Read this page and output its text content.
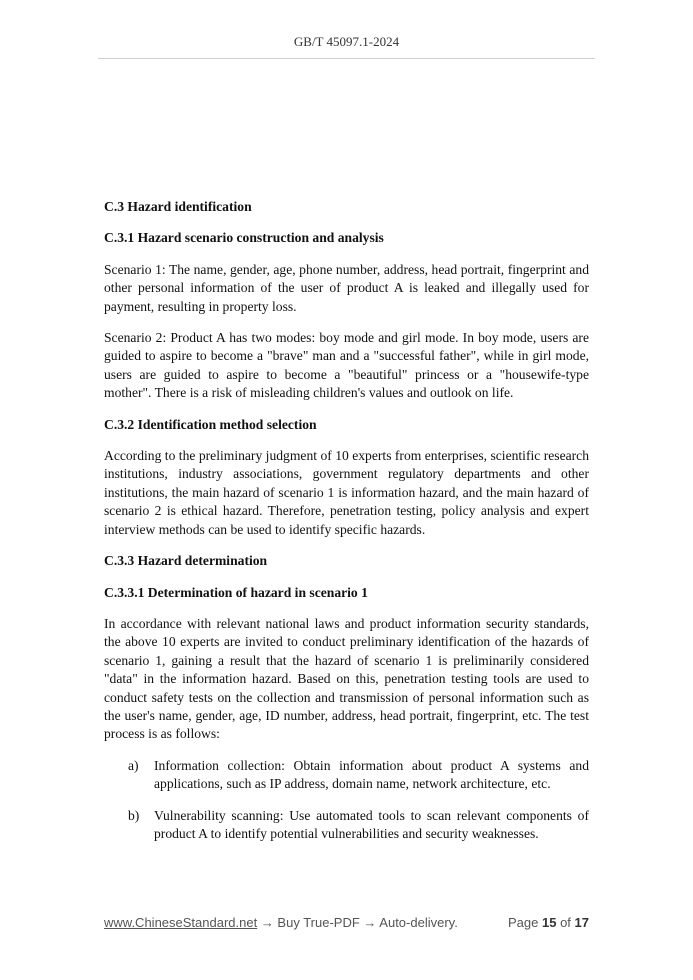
GB/T 45097.1-2024

C.3 Hazard identification

C.3.1 Hazard scenario construction and analysis

Scenario 1: The name, gender, age, phone number, address, head portrait, fingerprint and other personal information of the user of product A is leaked and illegally used for payment, resulting in property loss.

Scenario 2: Product A has two modes: boy mode and girl mode. In boy mode, users are guided to aspire to become a "brave" man and a "successful father", while in girl mode, users are guided to aspire to become a "beautiful" princess or a "housewife-type mother". There is a risk of misleading children's values and outlook on life.

C.3.2 Identification method selection

According to the preliminary judgment of 10 experts from enterprises, scientific research institutions, industry associations, government regulatory departments and other institutions, the main hazard of scenario 1 is information hazard, and the main hazard of scenario 2 is ethical hazard. Therefore, penetration testing, policy analysis and expert interview methods can be used to identify specific hazards.

C.3.3 Hazard determination

C.3.3.1 Determination of hazard in scenario 1

In accordance with relevant national laws and product information security standards, the above 10 experts are invited to conduct preliminary identification of the hazards of scenario 1, gaining a result that the hazard of scenario 1 is preliminarily considered "data" in the information hazard. Based on this, penetration testing tools are used to conduct safety tests on the collection and transmission of personal information such as the user's name, gender, age, ID number, address, head portrait, fingerprint, etc. The test process is as follows:

a) Information collection: Obtain information about product A systems and applications, such as IP address, domain name, network architecture, etc.
b) Vulnerability scanning: Use automated tools to scan relevant components of product A to identify potential vulnerabilities and security weaknesses.
www.ChineseStandard.net → Buy True-PDF → Auto-delivery.	Page 15 of 17
